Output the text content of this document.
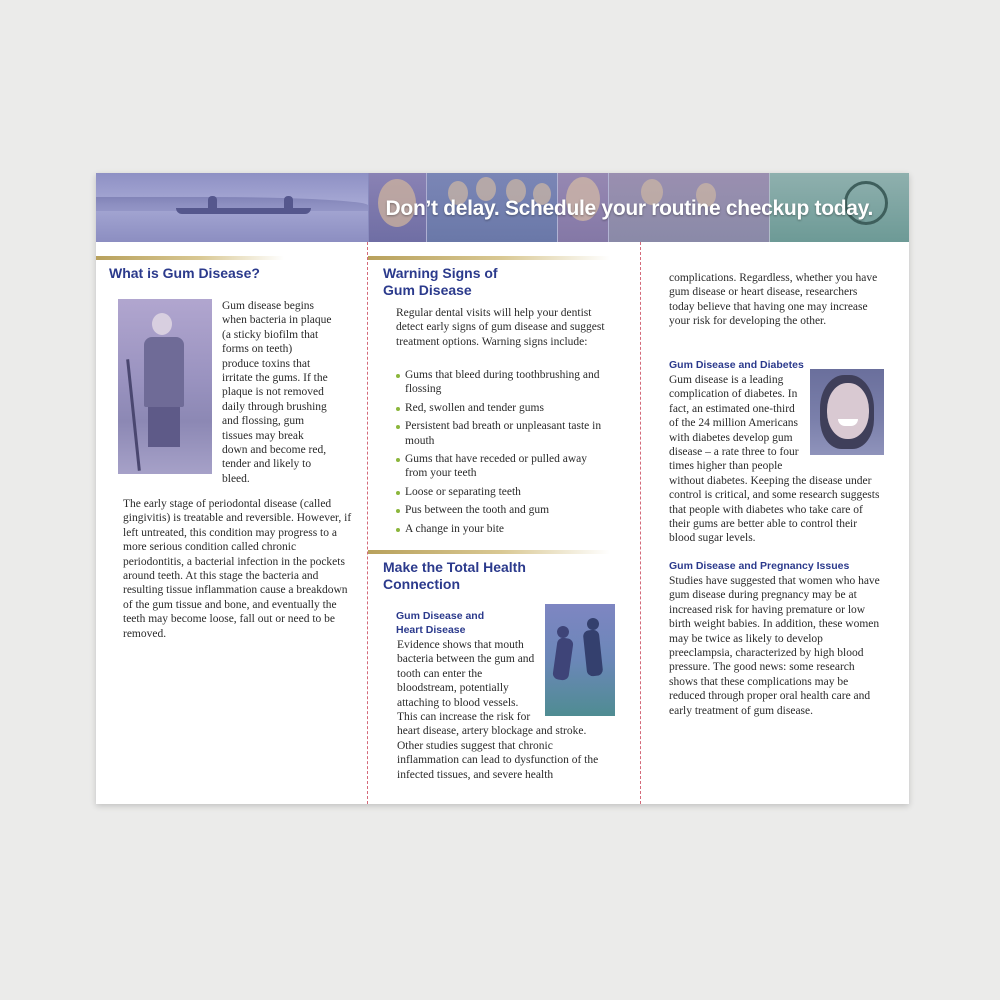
Don’t delay. Schedule your routine checkup today.
What is Gum Disease?
Gum disease begins when bacteria in plaque (a sticky biofilm that forms on teeth) produce toxins that irritate the gums. If the plaque is not removed daily through brushing and flossing, gum tissues may break down and become red, tender and likely to bleed.
The early stage of periodontal disease (called gingivitis) is treatable and reversible. However, if left untreated, this condition may progress to a more serious condition called chronic periodontitis, a bacterial infection in the pockets around teeth. At this stage the bacteria and resulting tissue inflammation cause a breakdown of the gum tissue and bone, and eventually the teeth may become loose, fall out or need to be removed.
Warning Signs of
Gum Disease
Regular dental visits will help your dentist detect early signs of gum disease and suggest treatment options. Warning signs include:
Gums that bleed during toothbrushing and flossing
Red, swollen and tender gums
Persistent bad breath or unpleasant taste in mouth
Gums that have receded or pulled away from your teeth
Loose or separating teeth
Pus between the tooth and gum
A change in your bite
Make the Total Health
Connection
Gum Disease and
Heart Disease
Evidence shows that mouth bacteria between the gum and tooth can enter the bloodstream, potentially attaching to blood vessels. This can increase the risk for heart disease, artery blockage and stroke. Other studies suggest that chronic inflammation can lead to dysfunction of the infected tissues, and severe health
complications. Regardless, whether you have gum disease or heart disease, researchers today believe that having one may increase your risk for developing the other.
Gum Disease and Diabetes
Gum disease is a leading complication of diabetes. In fact, an estimated one-third of the 24 million Americans with diabetes develop gum disease – a rate three to four times higher than people without diabetes. Keeping the disease under control is critical, and some research suggests that people with diabetes who take care of their gums are better able to control their blood sugar levels.
Gum Disease and Pregnancy Issues
Studies have suggested that women who have gum disease during pregnancy may be at increased risk for having premature or low birth weight babies. In addition, these women may be twice as likely to develop preeclampsia, characterized by high blood pressure. The good news: some research shows that these complications may be reduced through proper oral health care and early treatment of gum disease.
